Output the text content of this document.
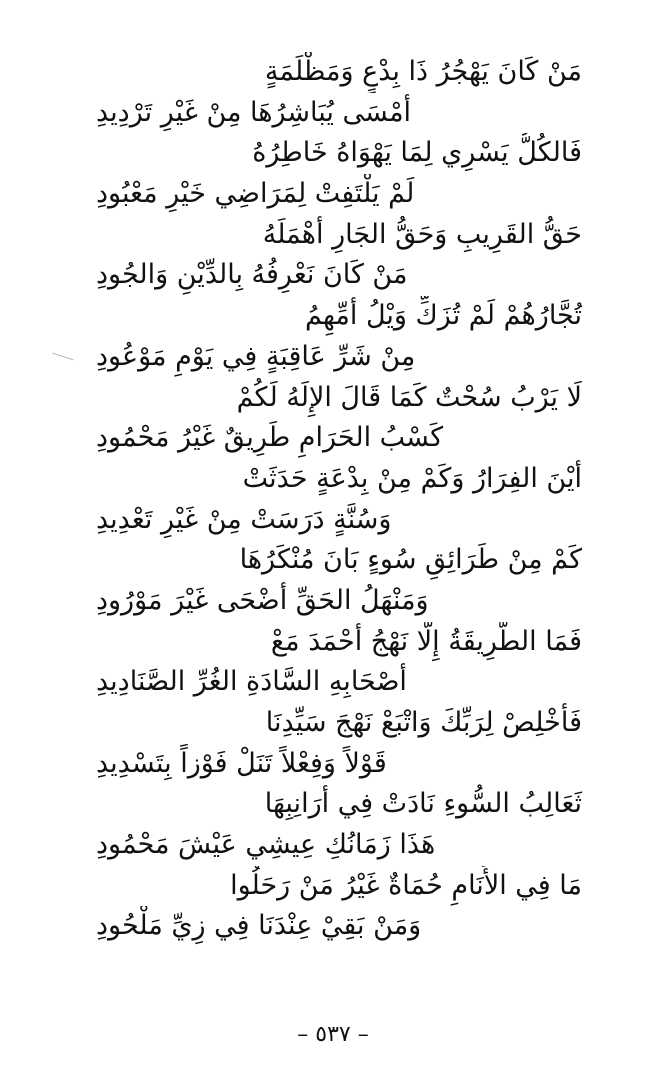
مَنْ كَانَ يَهْجُرُ ذَا بِدْعٍ وَمَظْلَمَةٍ
أَمْسَى يُبَاشِرُهَا مِنْ غَيْرِ تَرْدِيدِ
فَالكُلُّ يَسْرِي لِمَا يَهْوَاهُ خَاطِرُهُ
لَمْ يَلْتَفِتْ لِمَرَاضِي خَيْرِ مَعْبُودِ
حَقُّ القَرِيبِ وَحَقُّ الجَارِ أَهْمَلَهُ
مَنْ كَانَ نَعْرِفُهُ بِالدِّيْنِ وَالجُودِ
تُجَّارُهُمْ لَمْ تُزَكِّ وَيْلُ أُمِّهِمُ
مِنْ شَرِّ عَاقِبَةٍ فِي يَوْمِ مَوْعُودِ
لَا يَرْبُ سُحْتٌ كَمَا قَالَ الإِلَهُ لَكُمْ
كَسْبُ الحَرَامِ طَرِيقٌ غَيْرُ مَحْمُودِ
أَيْنَ الفِرَارُ وَكَمْ مِنْ بِدْعَةٍ حَدَثَتْ
وَسُنَّةٍ دَرَسَتْ مِنْ غَيْرِ تَعْدِيدِ
كَمْ مِنْ طَرَائِقِ سُوءٍ بَانَ مُنْكَرُهَا
وَمَنْهَلُ الحَقِّ أَضْحَى غَيْرَ مَوْرُودِ
فَمَا الطَّرِيقَةُ إِلَّا نَهْجُ أَحْمَدَ مَعْ
أَصْحَابِهِ السَّادَةِ الغُرِّ الصَّنَادِيدِ
فَأَخْلِصْ لِرَبِّكَ وَاتْبَعْ نَهْجَ سَيِّدِنَا
قَوْلاً وَفِعْلاً تَنَلْ فَوْزاً بِتَسْدِيدِ
ثَعَالِبُ السُّوءِ نَادَتْ فِي أَرَانِبِهَا
هَذَا زَمَانُكِ عِيشِي عَيْشَ مَحْمُودِ
مَا فِي الأَنَامِ حُمَاةٌ غَيْرُ مَنْ رَحَلُوا
وَمَنْ بَقِيْ عِنْدَنَا فِي زِيِّ مَلْحُودِ
– ٥٣٧ –
